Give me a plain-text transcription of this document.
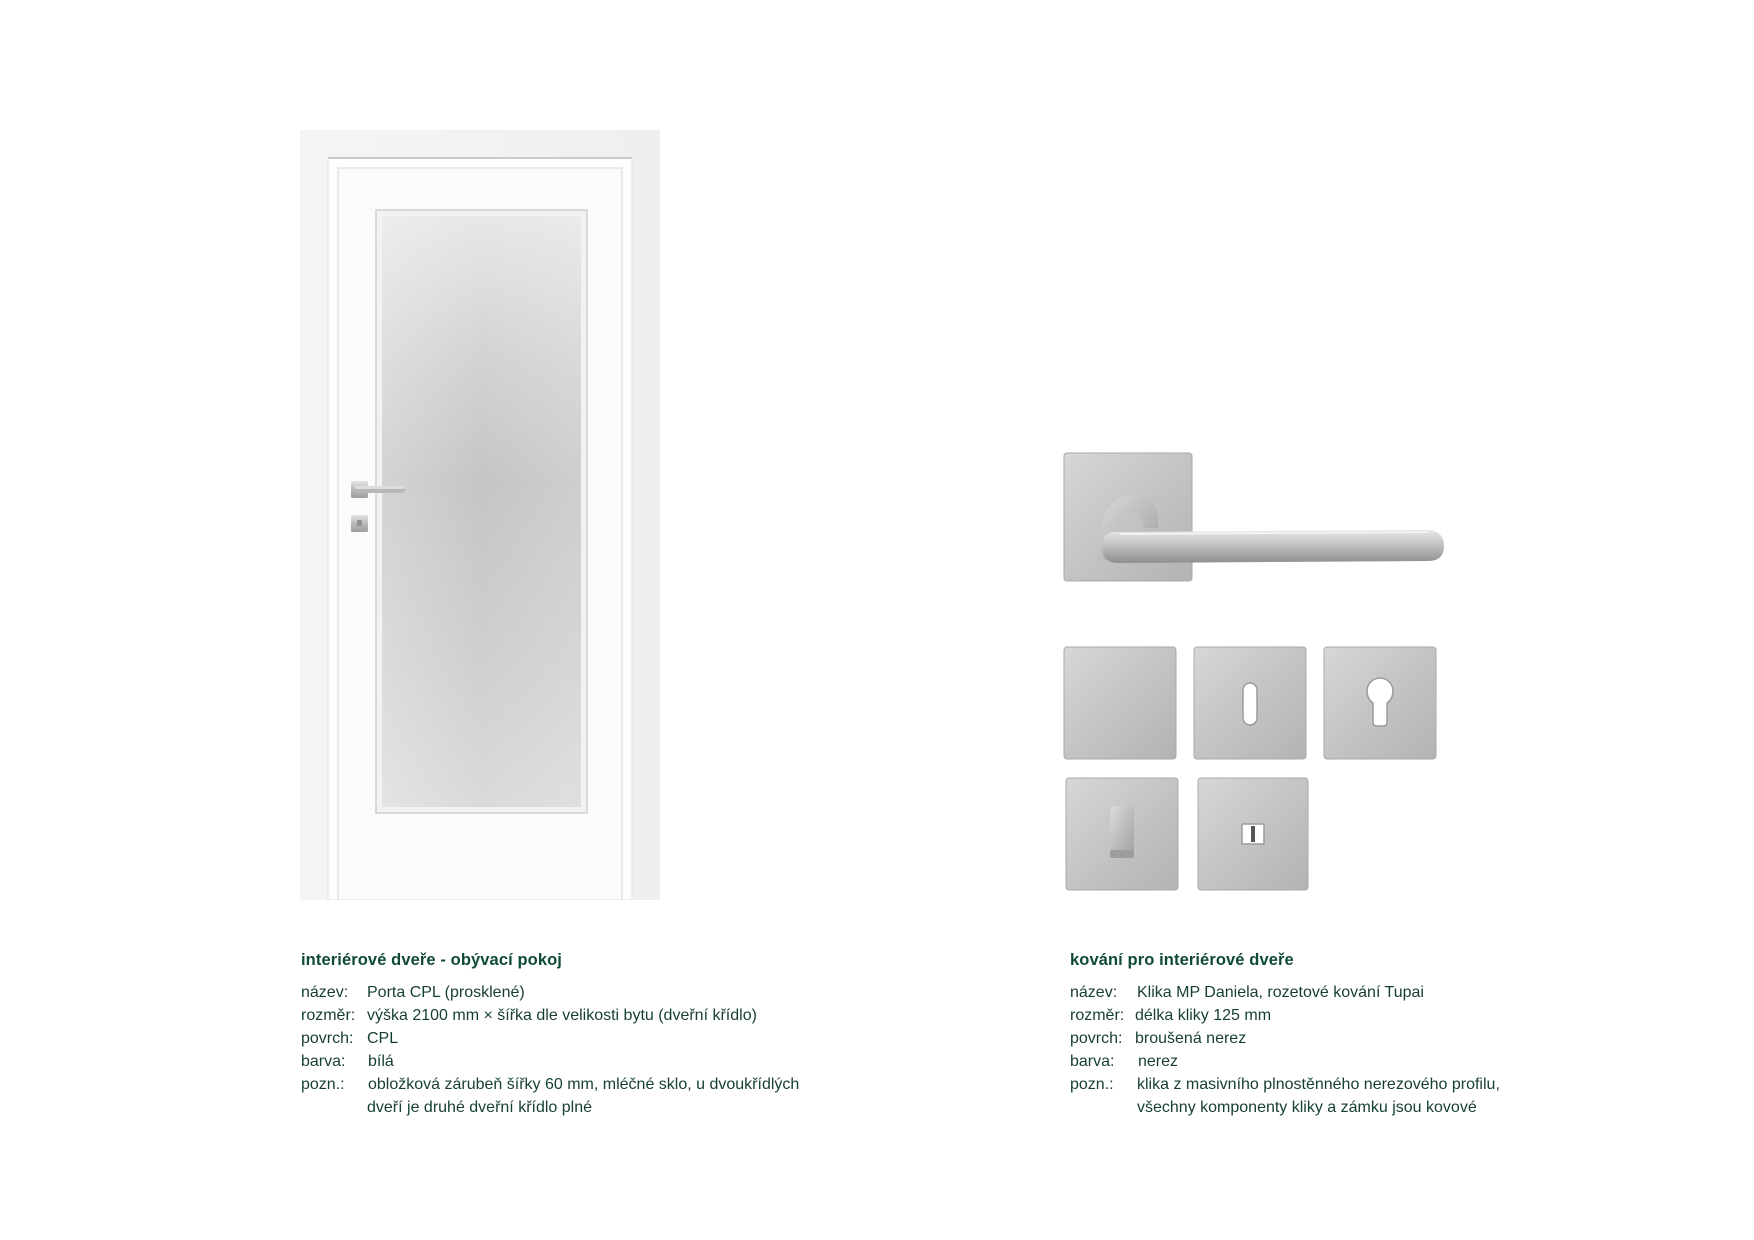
interiérové dveře - obývací pokoj
název:	Porta CPL (prosklené)
rozměr: výška 2100 mm × šířka dle velikosti bytu (dveřní křídlo)
povrch: CPL
barva:	bílá
pozn.:	obložková zárubeň šířky 60 mm, mléčné sklo, u dvoukřídlých
dveří je druhé dveřní křídlo plné
kování pro interiérové dveře
název:	Klika MP Daniela, rozetové kování Tupai
rozměr: délka kliky 125 mm
povrch: broušená nerez
barva:	nerez
pozn.:	klika z masivního plnostěnného nerezového profilu,
všechny komponenty kliky a zámku jsou kovové
